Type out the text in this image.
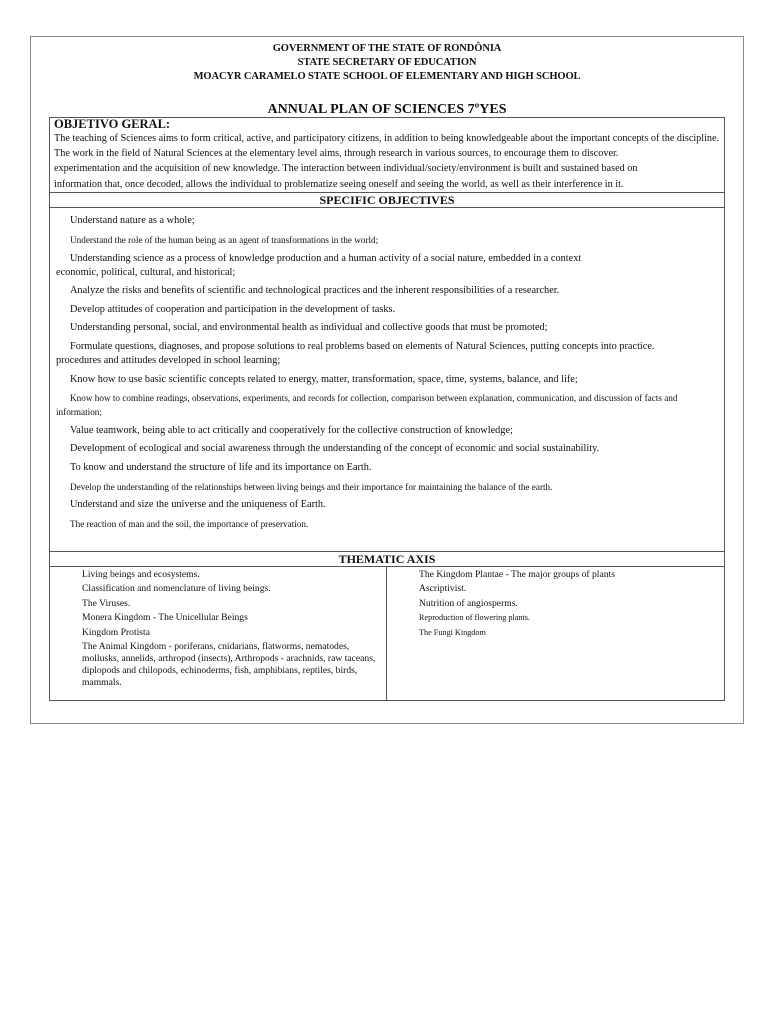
GOVERNMENT OF THE STATE OF RONDÔNIA
STATE SECRETARY OF EDUCATION
MOACYR CARAMELO STATE SCHOOL OF ELEMENTARY AND HIGH SCHOOL
ANNUAL PLAN OF SCIENCES 7ºYES
OBJETIVO GERAL:
The teaching of Sciences aims to form critical, active, and participatory citizens, in addition to being knowledgeable about the important concepts of the discipline.
The work in the field of Natural Sciences at the elementary level aims, through research in various sources, to encourage them to discover.
experimentation and the acquisition of new knowledge. The interaction between individual/society/environment is built and sustained based on
information that, once decoded, allows the individual to problematize seeing oneself and seeing the world, as well as their interference in it.

SPECIFIC OBJECTIVES

Understand nature as a whole;
Understand the role of the human being as an agent of transformations in the world;
Understanding science as a process of knowledge production and a human activity of a social nature, embedded in a context
economic, political, cultural, and historical;
Analyze the risks and benefits of scientific and technological practices and the inherent responsibilities of a researcher.
Develop attitudes of cooperation and participation in the development of tasks.
Understanding personal, social, and environmental health as individual and collective goods that must be promoted;
Formulate questions, diagnoses, and propose solutions to real problems based on elements of Natural Sciences, putting concepts into practice.
procedures and attitudes developed in school learning;
Know how to use basic scientific concepts related to energy, matter, transformation, space, time, systems, balance, and life;
Know how to combine readings, observations, experiments, and records for collection, comparison between explanation, communication, and discussion of facts and
information;
Value teamwork, being able to act critically and cooperatively for the collective construction of knowledge;
Development of ecological and social awareness through the understanding of the concept of economic and social sustainability.
To know and understand the structure of life and its importance on Earth.
Develop the understanding of the relationships between living beings and their importance for maintaining the balance of the earth.
Understand and size the universe and the uniqueness of Earth.
The reaction of man and the soil, the importance of preservation.

THEMATIC AXIS

Living beings and ecosystems.
Classification and nomenclature of living beings.
The Viruses.
Monera Kingdom - The Unicellular Beings
Kingdom Protista
The Animal Kingdom - poriferans, cnidarians, flatworms, nematodes, mollusks, annelids, arthropod (insects), Arthropods - arachnids, raw taceans, diplopods and chilopods, echinoderms, fish, amphibians, reptiles, birds, mammals.

The Kingdom Plantae - The major groups of plants
Ascriptivist.
Nutrition of angiosperms.
Reproduction of flowering plants.
The Fungi Kingdom
